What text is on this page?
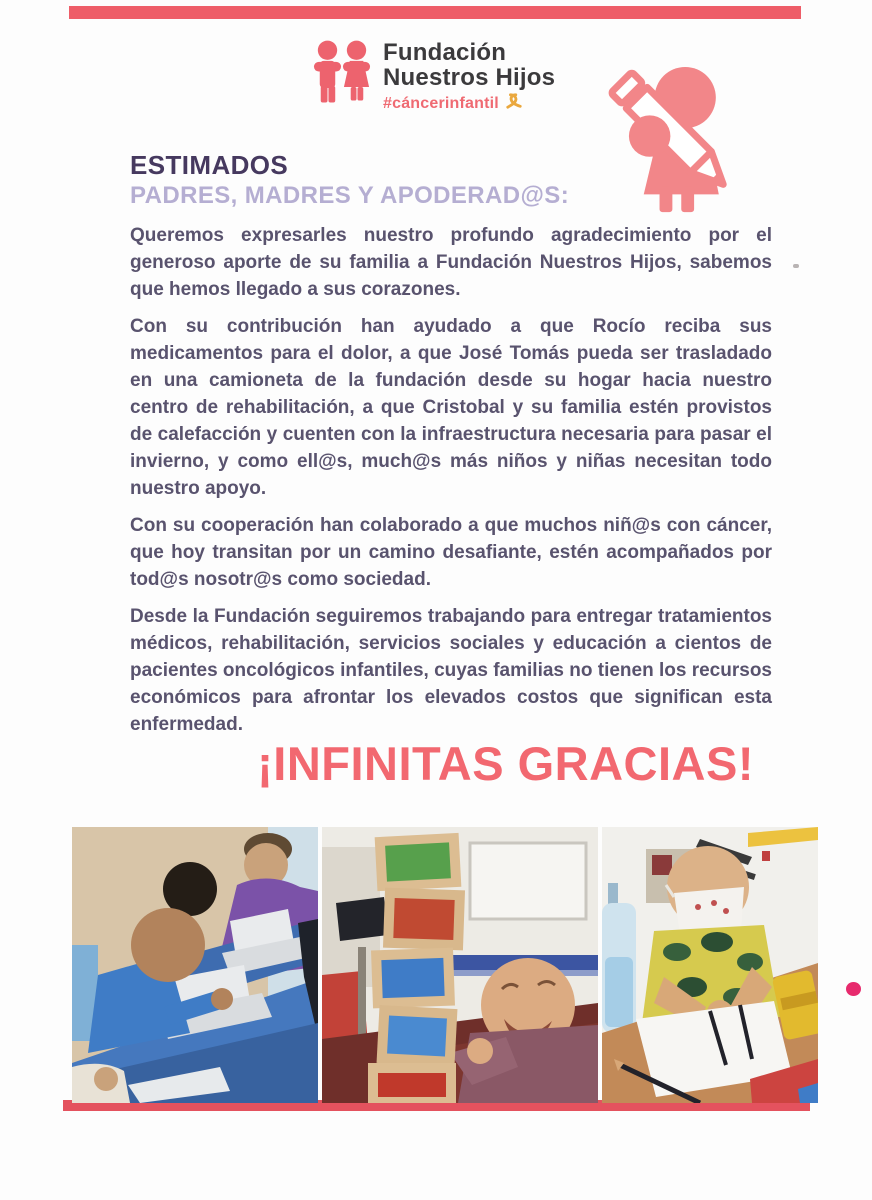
Fundación
Nuestros Hijos
#cáncerinfantil
ESTIMADOS
PADRES, MADRES Y APODERAD@S:

Queremos expresarles nuestro profundo agradecimiento por el generoso aporte de su familia a Fundación Nuestros Hijos, sabemos que hemos llegado a sus corazones.

Con su contribución han ayudado a que Rocío reciba sus medicamentos para el dolor, a que José Tomás pueda ser trasladado en una camioneta de la fundación desde su hogar hacia nuestro centro de rehabilitación, a que Cristobal y su familia estén provistos de calefacción y cuenten con la infraestructura necesaria para pasar el invierno, y como ell@s, much@s más niños y niñas necesitan todo nuestro apoyo.

Con su cooperación han colaborado a que muchos niñ@s con cáncer, que hoy transitan por un camino desafiante, estén acompañados por tod@s nosotr@s como sociedad.

Desde la Fundación seguiremos trabajando para entregar tratamientos médicos, rehabilitación, servicios sociales y educación a cientos de pacientes oncológicos infantiles, cuyas familias no tienen los recursos económicos para afrontar los elevados costos que significan esta enfermedad.

¡INFINITAS GRACIAS!
